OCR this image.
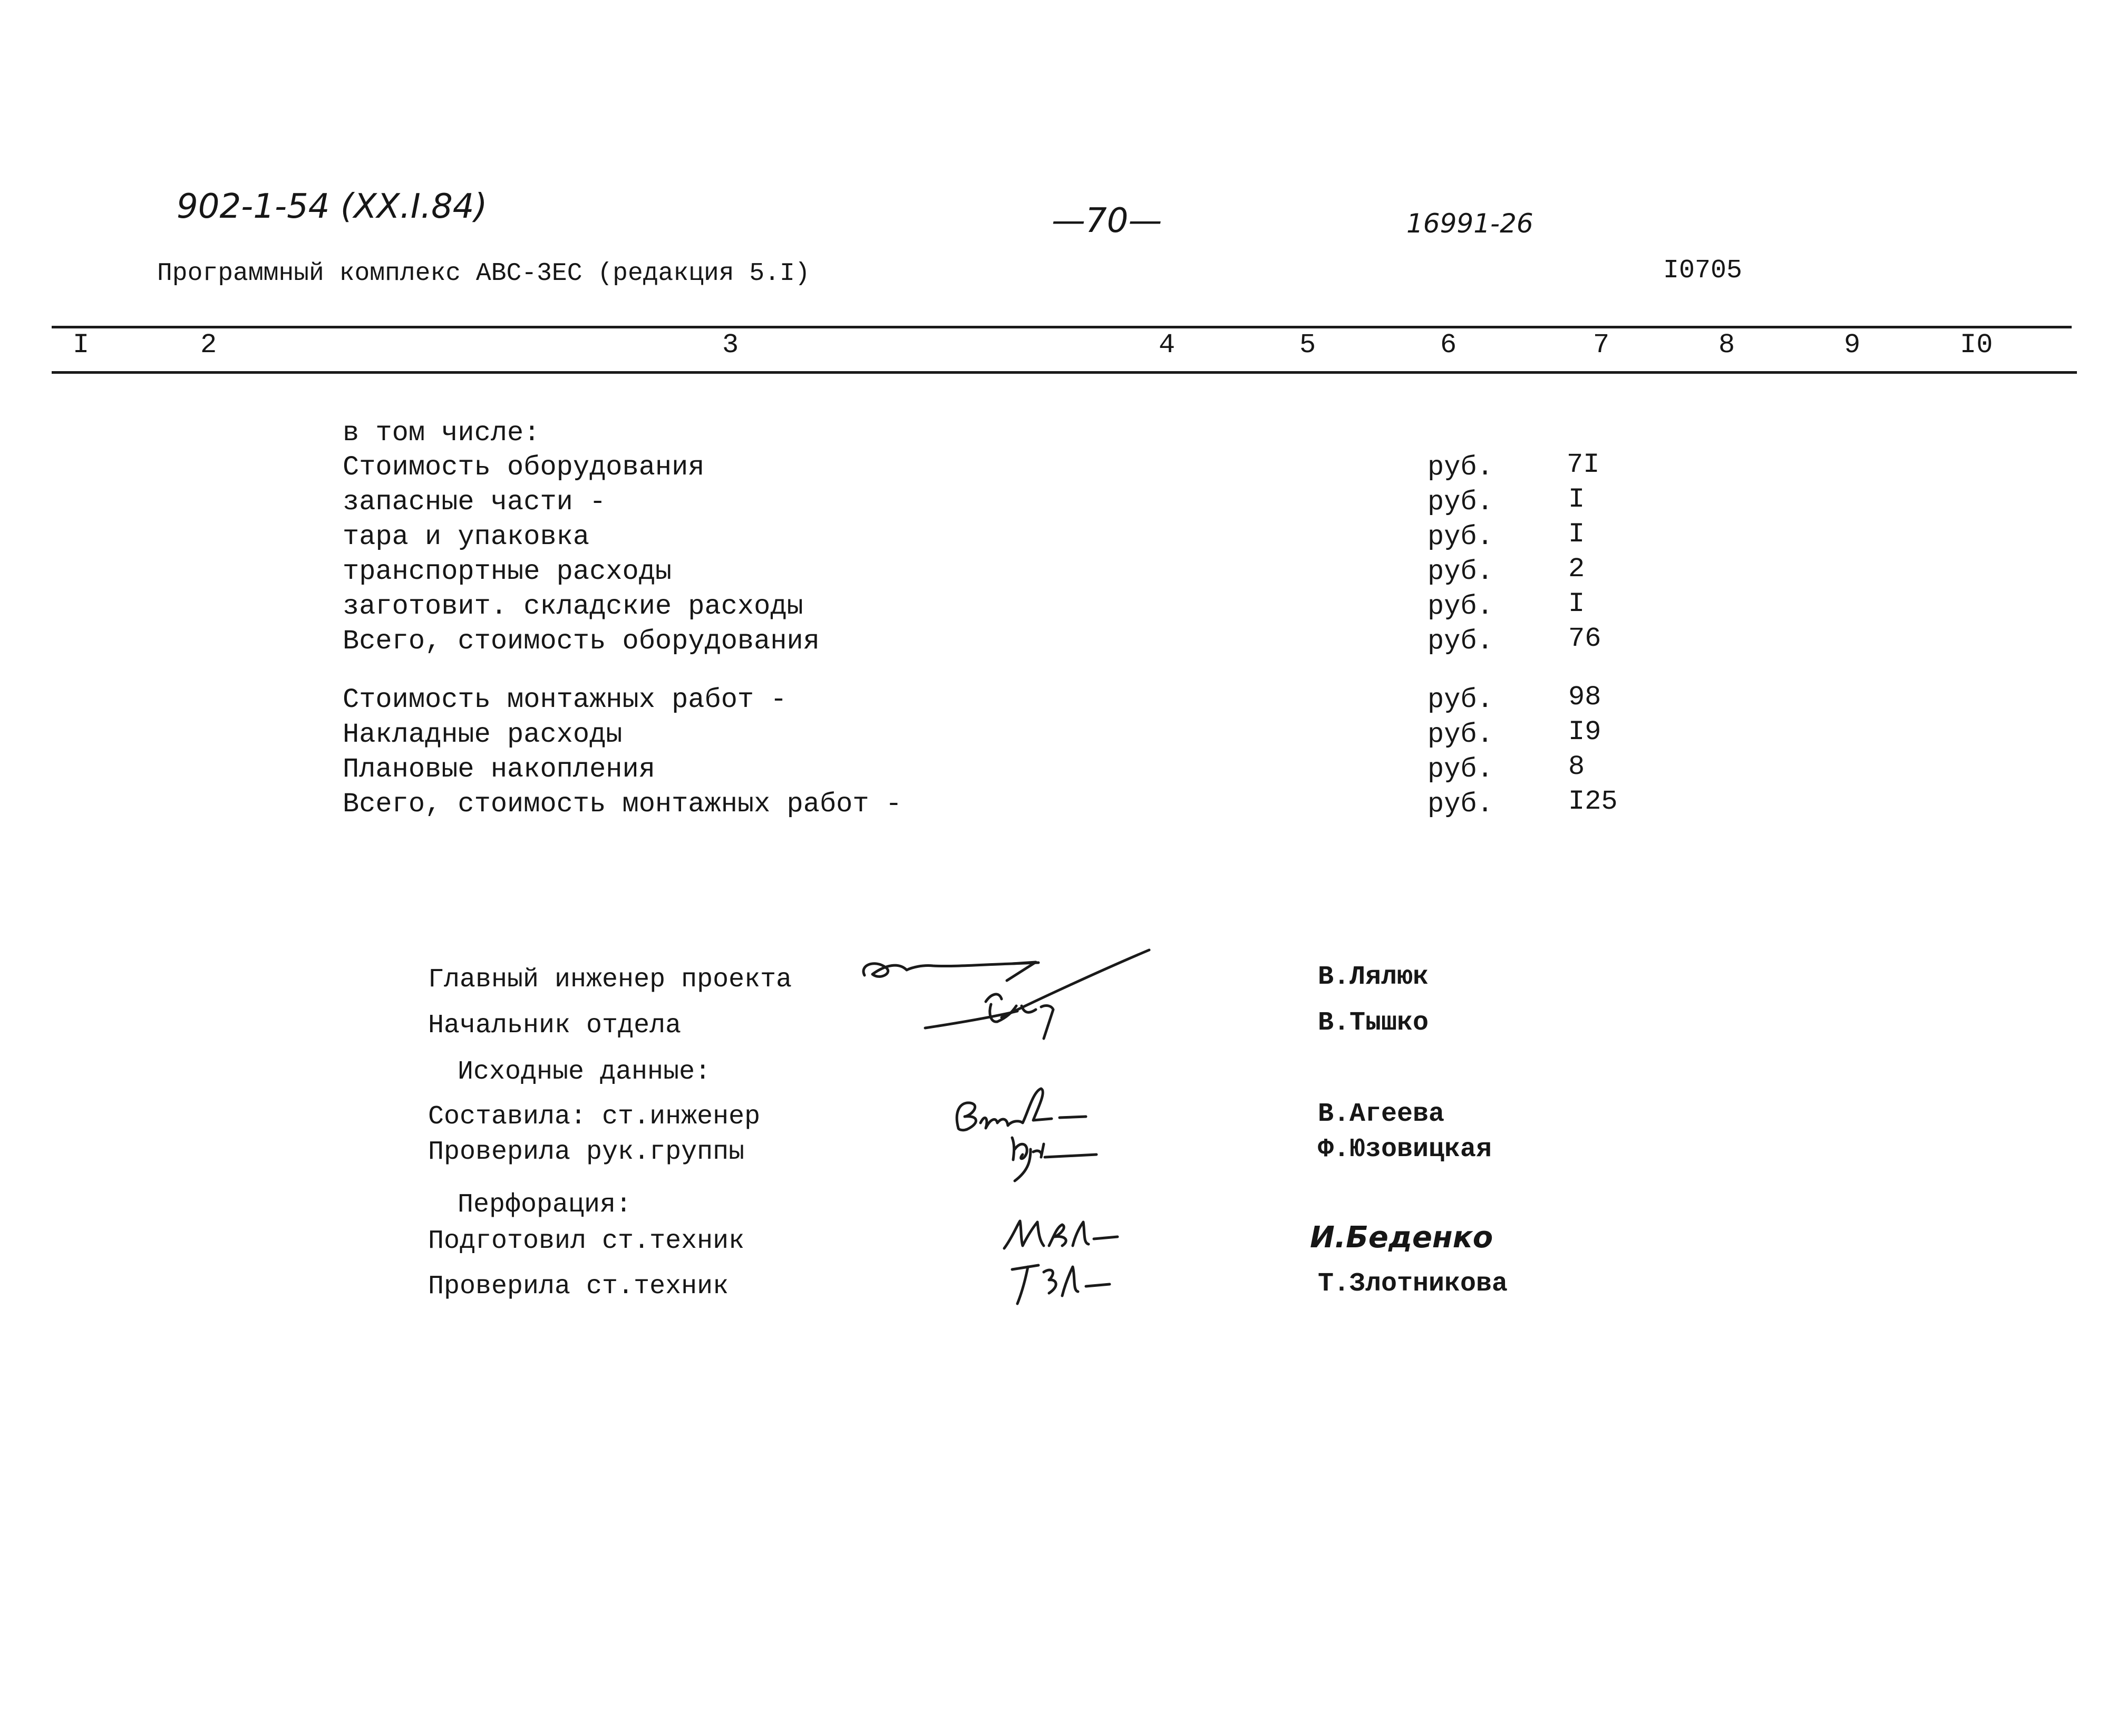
902-1-54 (XX.I.84)	—70—	16991-26
Программный комплекс АВС-3ЕС (редакция 5.I)	I0705
I	2	3	4	5	6	7	8	9	I0
в том числе:
Стоимость оборудования	руб.	7I
запасные части -	руб.	I
тара и упаковка	руб.	I
транспортные расходы	руб.	2
заготовит. складские расходы	руб.	I
Всего, стоимость оборудования	руб.	76
Стоимость монтажных работ -	руб.	98
Накладные расходы	руб.	I9
Плановые накопления	руб.	8
Всего, стоимость монтажных работ -	руб.	I25
Главный инженер проекта	В.Лялюк
Начальник отдела	В.Тышко
Исходные данные:
Составила: ст.инженер	В.Агеева
Проверила рук.группы	Ф.Юзовицкая
Перфорация:
Подготовил ст.техник	И.Беденко
Проверила ст.техник	Т.Злотникова
